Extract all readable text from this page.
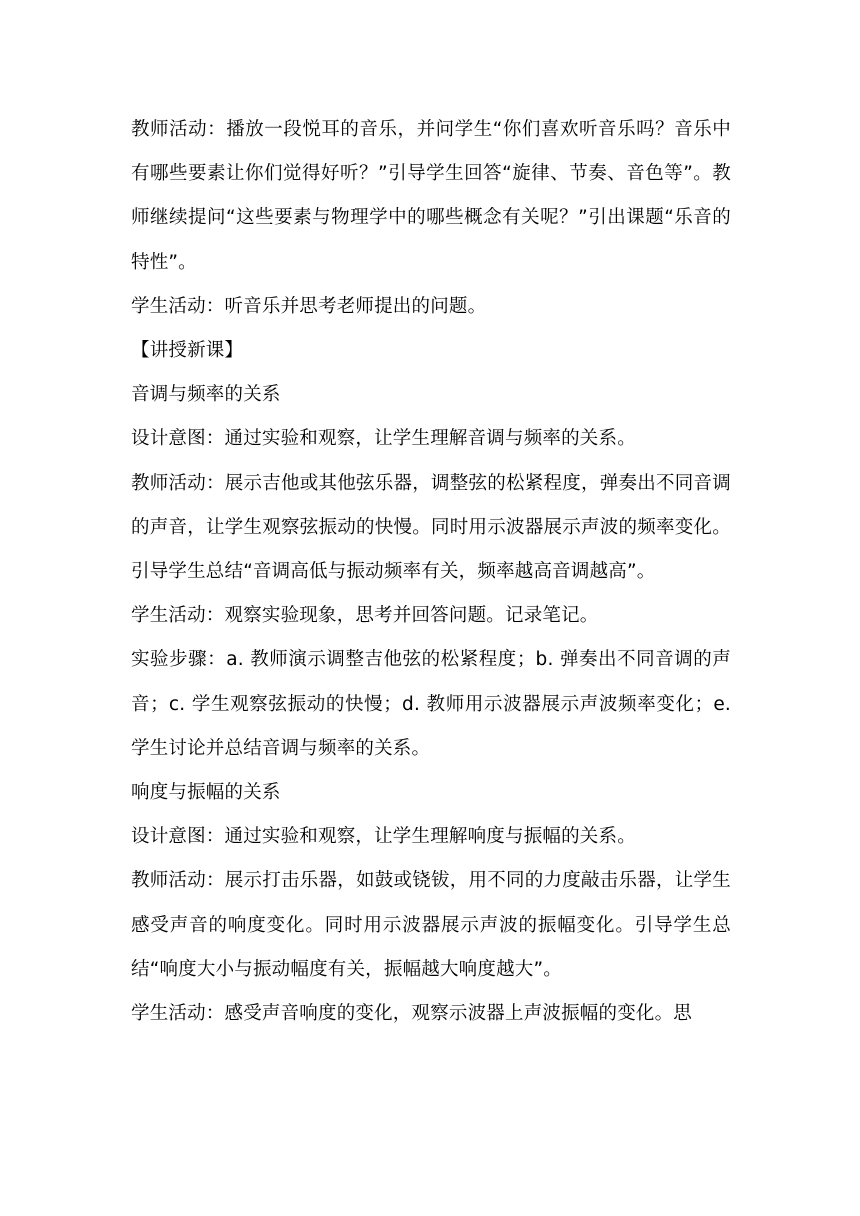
教师活动：播放一段悦耳的音乐，并问学生“你们喜欢听音乐吗？音乐中有哪些要素让你们觉得好听？”引导学生回答“旋律、节奏、音色等”。教师继续提问“这些要素与物理学中的哪些概念有关呢？”引出课题“乐音的特性”。

学生活动：听音乐并思考老师提出的问题。

【讲授新课】

音调与频率的关系

设计意图：通过实验和观察，让学生理解音调与频率的关系。

教师活动：展示吉他或其他弦乐器，调整弦的松紧程度，弹奏出不同音调的声音，让学生观察弦振动的快慢。同时用示波器展示声波的频率变化。引导学生总结“音调高低与振动频率有关，频率越高音调越高”。

学生活动：观察实验现象，思考并回答问题。记录笔记。

实验步骤：a. 教师演示调整吉他弦的松紧程度；b. 弹奏出不同音调的声音；c. 学生观察弦振动的快慢；d. 教师用示波器展示声波频率变化；e. 学生讨论并总结音调与频率的关系。

响度与振幅的关系

设计意图：通过实验和观察，让学生理解响度与振幅的关系。

教师活动：展示打击乐器，如鼓或铙钹，用不同的力度敲击乐器，让学生感受声音的响度变化。同时用示波器展示声波的振幅变化。引导学生总结“响度大小与振动幅度有关，振幅越大响度越大”。

学生活动：感受声音响度的变化，观察示波器上声波振幅的变化。思
